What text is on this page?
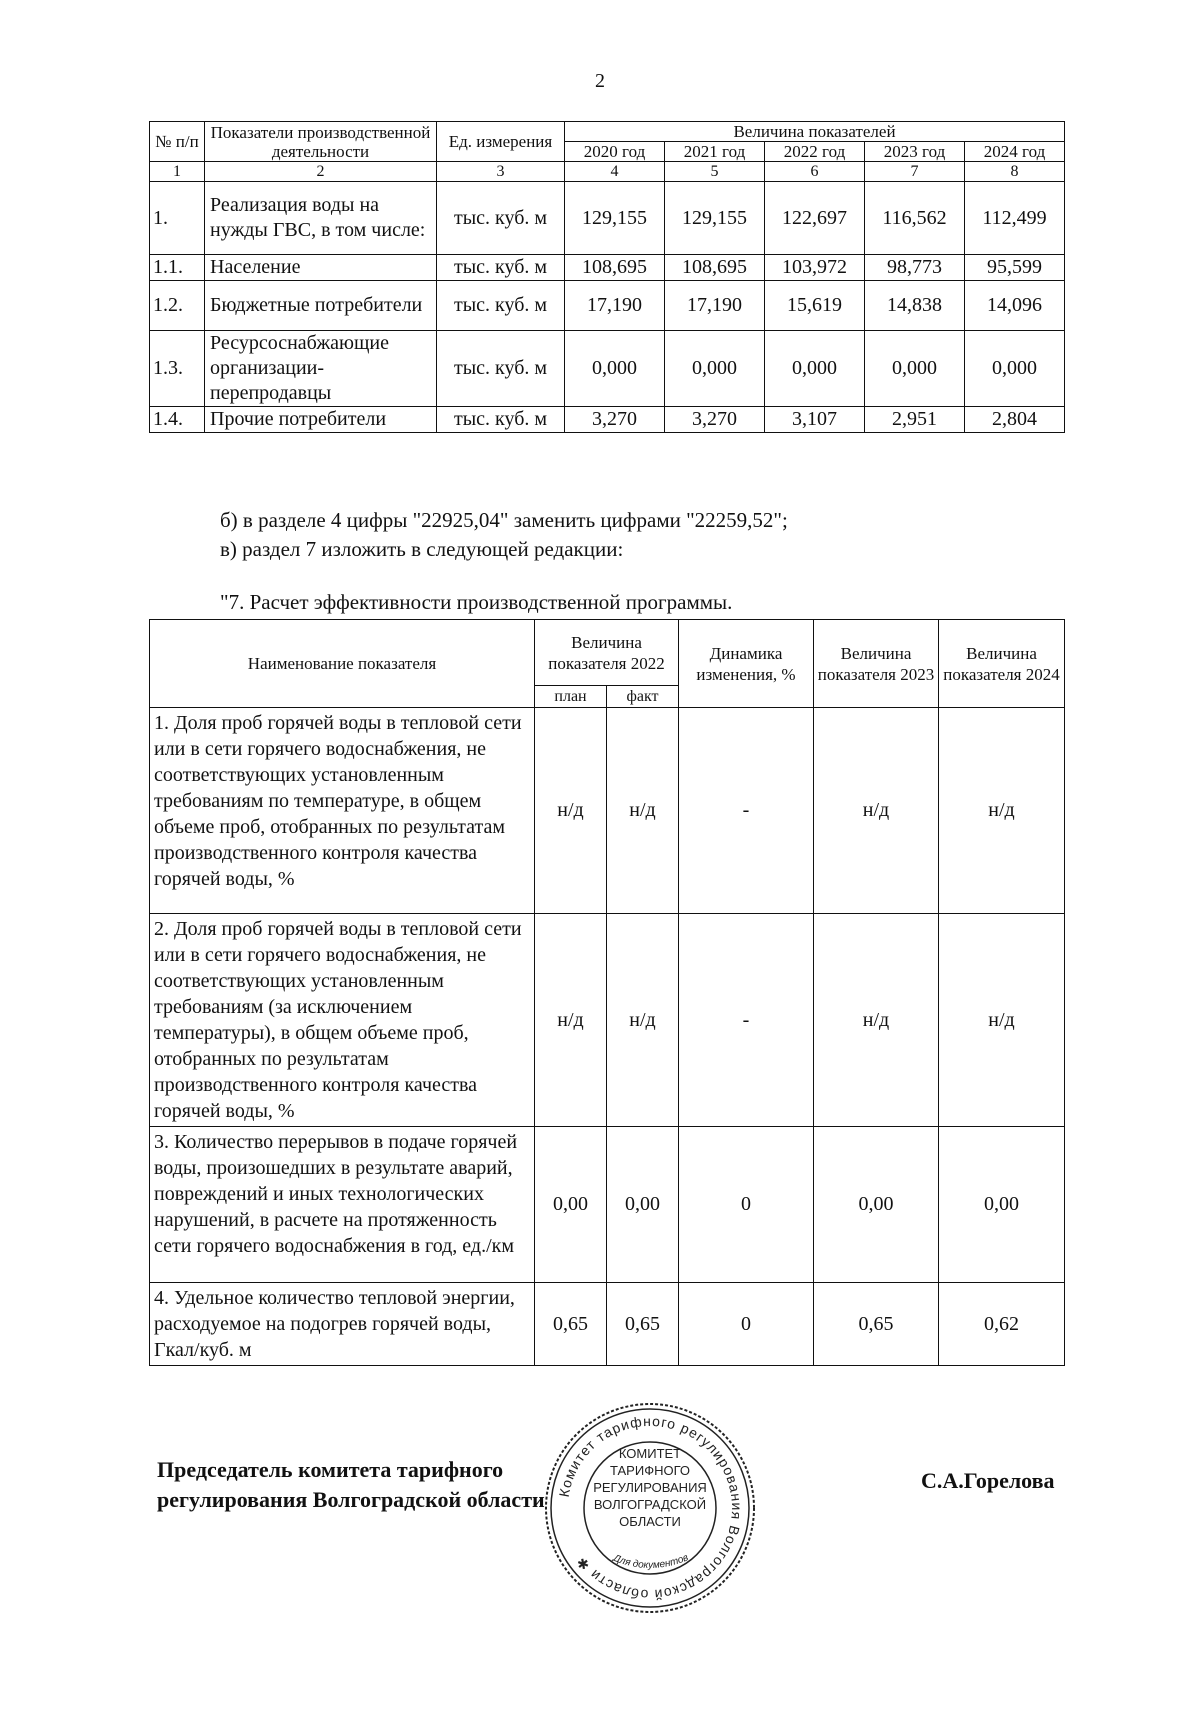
2
№ п/п	Показатели производственной деятельности	Ед. измерения	Величина показателей				
			2020 год	2021 год	2022 год	2023 год	2024 год
1	2	3	4	5	6	7	8
1.	Реализация воды на нужды ГВС, в том числе:	тыс. куб. м	129,155	129,155	122,697	116,562	112,499
1.1.	Население	тыс. куб. м	108,695	108,695	103,972	98,773	95,599
1.2.	Бюджетные потребители	тыс. куб. м	17,190	17,190	15,619	14,838	14,096
1.3.	Ресурсоснабжающие организации-перепродавцы	тыс. куб. м	0,000	0,000	0,000	0,000	0,000
1.4.	Прочие потребители	тыс. куб. м	3,270	3,270	3,107	2,951	2,804
б) в разделе 4 цифры "22925,04" заменить цифрами "22259,52";
в) раздел 7 изложить в следующей редакции:
"7. Расчет эффективности производственной программы.
Наименование показателя	Величина показателя 2022		Динамика изменения, %	Величина показателя 2023	Величина показателя 2024
	план	факт			
1. Доля проб горячей воды в тепловой сети или в сети горячего водоснабжения, не соответствующих установленным требованиям по температуре, в общем объеме проб, отобранных по результатам производственного контроля качества горячей воды, %	н/д	н/д	-	н/д	н/д
2. Доля проб горячей воды в тепловой сети или в сети горячего водоснабжения, не соответствующих установленным требованиям (за исключением температуры), в общем объеме проб, отобранных по результатам производственного контроля качества горячей воды, %	н/д	н/д	-	н/д	н/д
3. Количество перерывов в подаче горячей воды, произошедших в результате аварий, повреждений и иных технологических нарушений, в расчете на протяженность сети горячего водоснабжения в год, ед./км	0,00	0,00	0	0,00	0,00
4. Удельное количество тепловой энергии, расходуемое на подогрев горячей воды, Гкал/куб. м	0,65	0,65	0	0,65	0,62
Председатель комитета тарифного
регулирования Волгоградской области
С.А.Горелова
Комитет тарифного регулирования Волгоградской области ✱	Для документов
КОМИТЕТ
ТАРИФНОГО
РЕГУЛИРОВАНИЯ
ВОЛГОГРАДСКОЙ
ОБЛАСТИ
